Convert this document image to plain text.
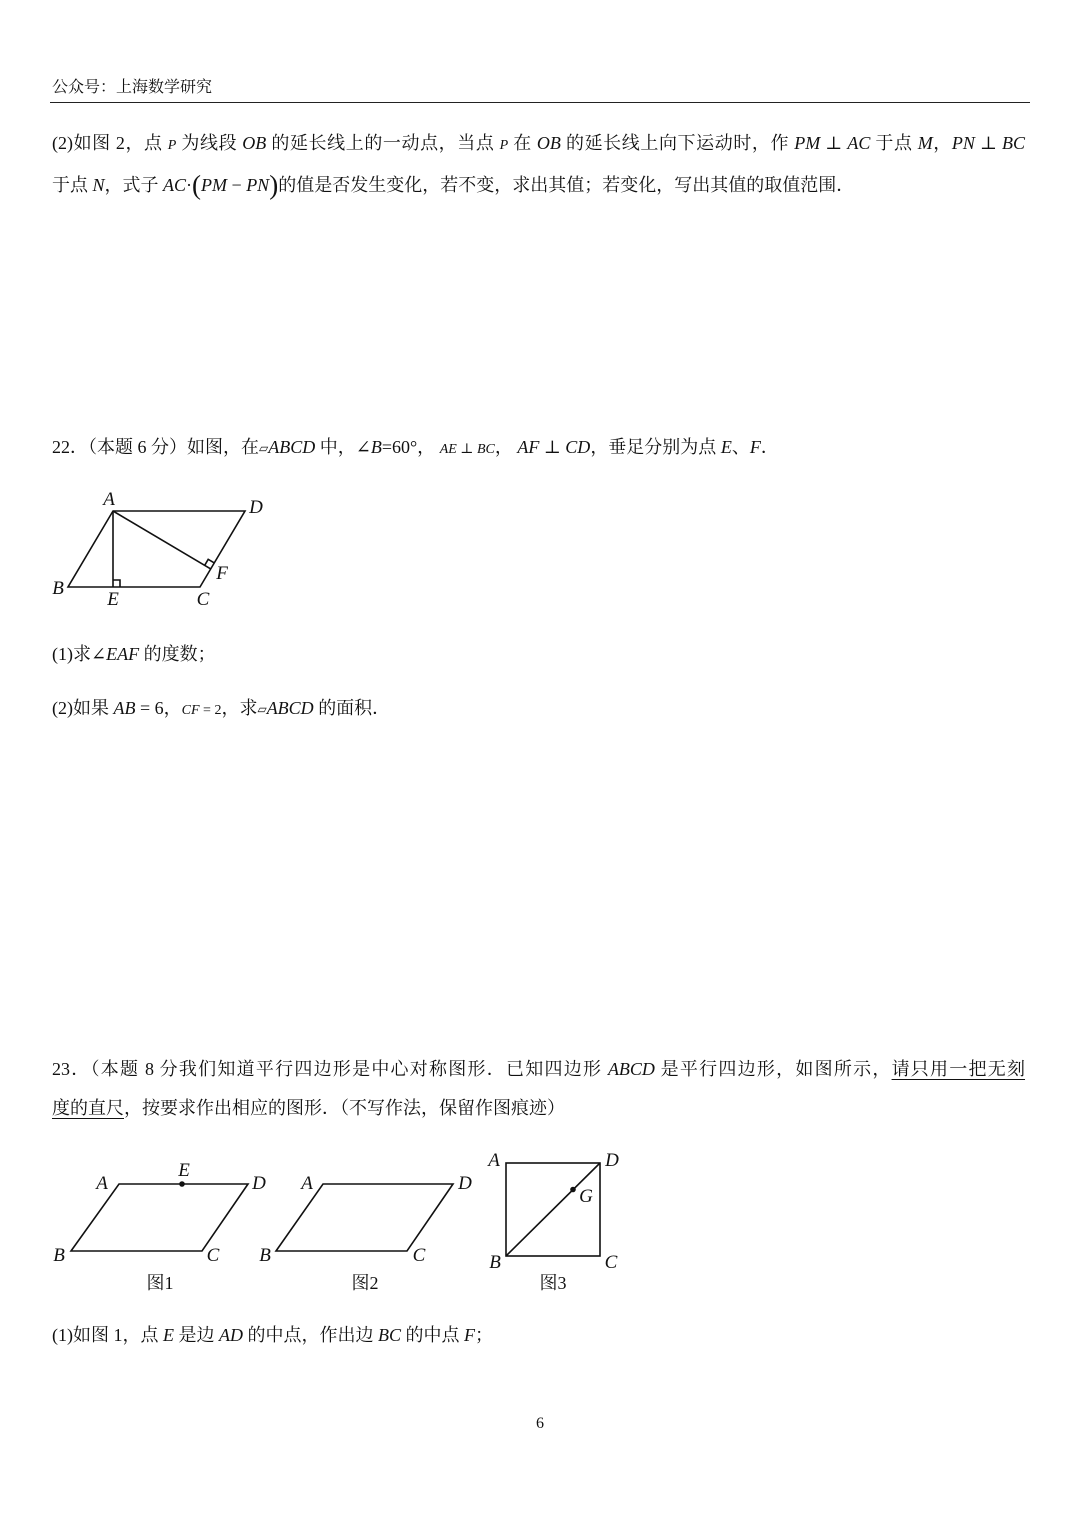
公众号：上海数学研究
(2)如图 2，点 P 为线段 OB 的延长线上的一动点，当点 P 在 OB 的延长线上向下运动时，作 PM ⊥ AC 于点 M，PN ⊥ BC
于点 N，式子 AC·(PM − PN)的值是否发生变化，若不变，求出其值；若变化，写出其值的取值范围．
22．（本题 6 分）如图，在▱ABCD 中，∠B=60°， AE ⊥ BC， AF ⊥ CD，垂足分别为点 E、F．
A	D
B
C
E
F
(1)求∠EAF 的度数；
(2)如果 AB = 6，CF = 2，求▱ABCD 的面积．
23．（本题 8 分我们知道平行四边形是中心对称图形．已知四边形 ABCD 是平行四边形，如图所示，请只用一把无刻
度的直尺，按要求作出相应的图形．（不写作法，保留作图痕迹）
A
E
D
B	C
图1
A	D
B	C
图2
A	D
G
B	C
图3
(1)如图 1，点 E 是边 AD 的中点，作出边 BC 的中点 F；
6
